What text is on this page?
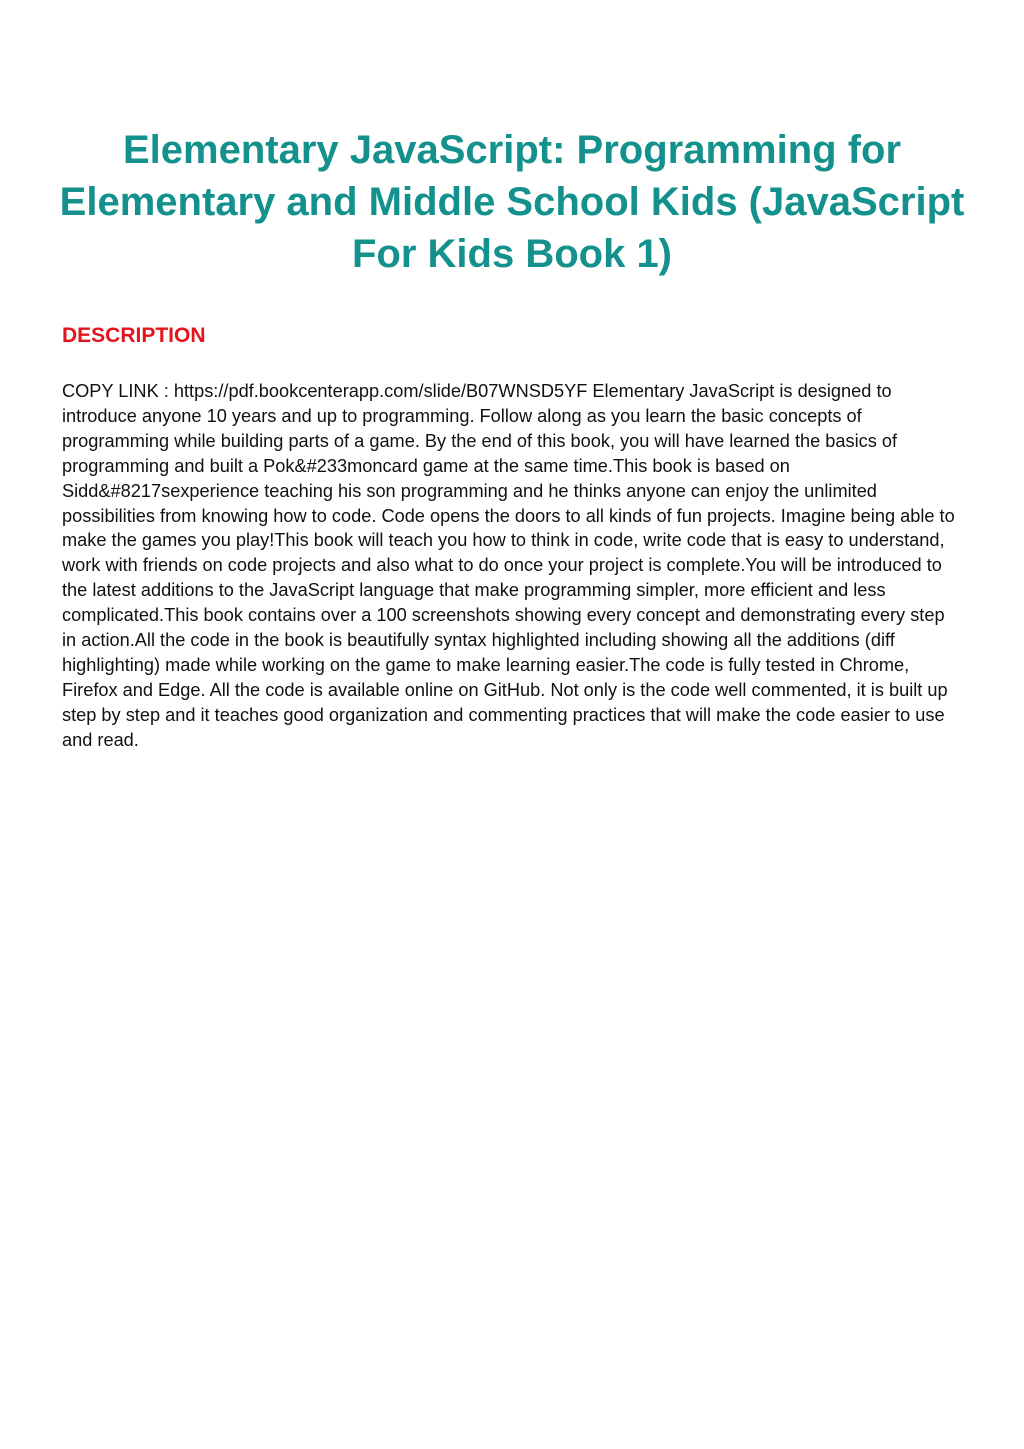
Elementary JavaScript: Programming for Elementary and Middle School Kids (JavaScript For Kids Book 1)
DESCRIPTION

COPY LINK : https://pdf.bookcenterapp.com/slide/B07WNSD5YF Elementary JavaScript is designed to introduce anyone 10 years and up to programming. Follow along as you learn the basic concepts of programming while building parts of a game. By the end of this book, you will have learned the basics of programming and built a Pok&#233moncard game at the same time.This book is based on Sidd&#8217sexperience teaching his son programming and he thinks anyone can enjoy the unlimited possibilities from knowing how to code. Code opens the doors to all kinds of fun projects. Imagine being able to make the games you play!This book will teach you how to think in code, write code that is easy to understand, work with friends on code projects and also what to do once your project is complete.You will be introduced to the latest additions to the JavaScript language that make programming simpler, more efficient and less complicated.This book contains over a 100 screenshots showing every concept and demonstrating every step in action.All the code in the book is beautifully syntax highlighted including showing all the additions (diff highlighting) made while working on the game to make learning easier.The code is fully tested in Chrome, Firefox and Edge. All the code is available online on GitHub. Not only is the code well commented, it is built up step by step and it teaches good organization and commenting practices that will make the code easier to use and read.
